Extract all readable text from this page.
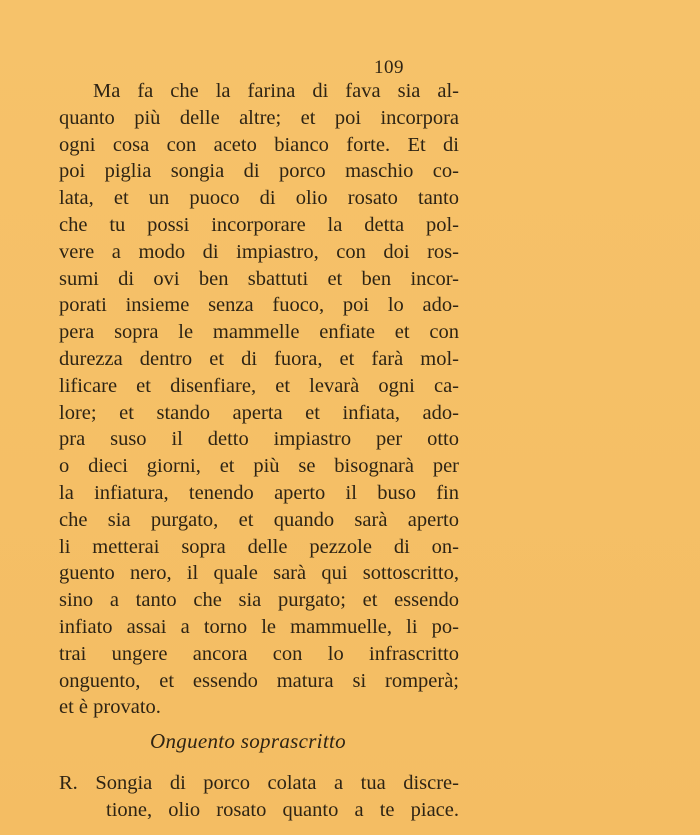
109
Ma fa che la farina di fava sia al-
quanto più delle altre; et poi incorpora
ogni cosa con aceto bianco forte. Et di
poi piglia songia di porco maschio co-
lata, et un puoco di olio rosato tanto
che tu possi incorporare la detta pol-
vere a modo di impiastro, con doi ros-
sumi di ovi ben sbattuti et ben incor-
porati insieme senza fuoco, poi lo ado-
pera sopra le mammelle enfiate et con
durezza dentro et di fuora, et farà mol-
lificare et disenfiare, et levarà ogni ca-
lore; et stando aperta et infiata, ado-
pra suso il detto impiastro per otto
o dieci giorni, et più se bisognarà per
la infiatura, tenendo aperto il buso fin
che sia purgato, et quando sarà aperto
li metterai sopra delle pezzole di on-
guento nero, il quale sarà qui sottoscritto,
sino a tanto che sia purgato; et essendo
infiato assai a torno le mammuelle, li po-
trai ungere ancora con lo infrascritto
onguento, et essendo matura si romperà;
et è provato.
Onguento soprascritto
R. Songia di porco colata a tua discre-
tione, olio rosato quanto a te piace.
